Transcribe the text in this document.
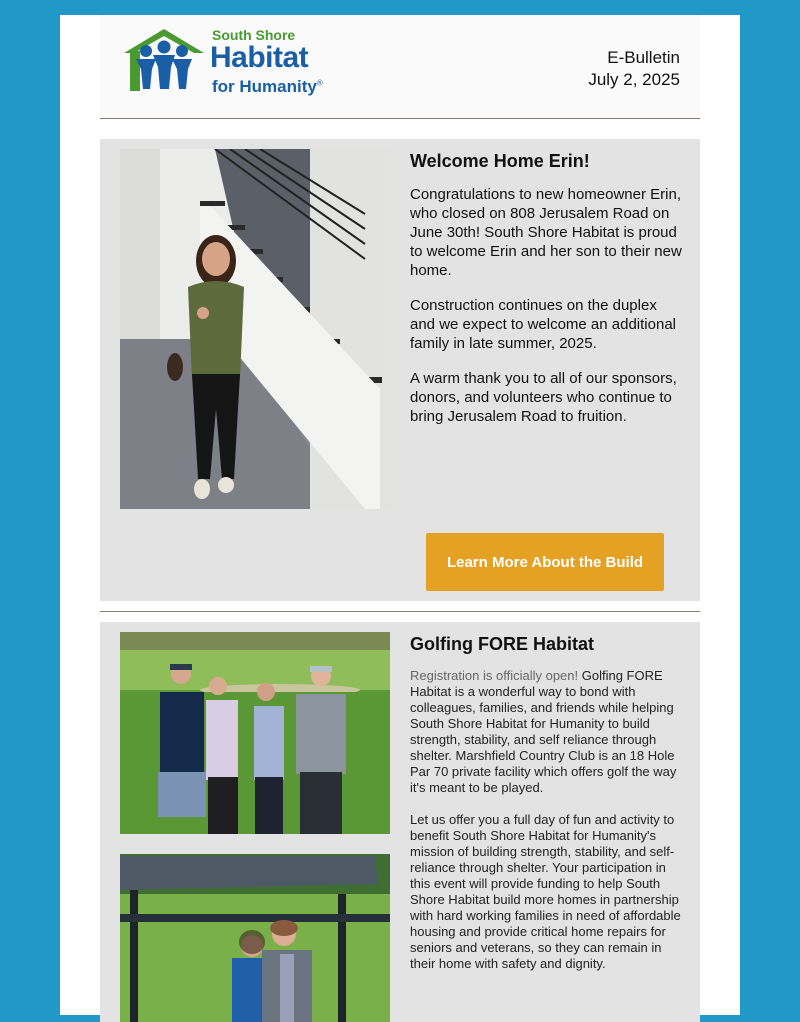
South Shore
Habitat
for Humanity®
E-Bulletin
July 2, 2025
Welcome Home Erin!

Congratulations to new homeowner Erin, who closed on 808 Jerusalem Road on June 30th! South Shore Habitat is proud to welcome Erin and her son to their new home.

Construction continues on the duplex and we expect to welcome an additional family in late summer, 2025.

A warm thank you to all of our sponsors, donors, and volunteers who continue to bring Jerusalem Road to fruition.

Learn More About the Build
Golfing FORE Habitat

Registration is officially open! Golfing FORE Habitat is a wonderful way to bond with colleagues, families, and friends while helping South Shore Habitat for Humanity to build strength, stability, and self reliance through shelter. Marshfield Country Club is an 18 Hole Par 70 private facility which offers golf the way it's meant to be played.

Let us offer you a full day of fun and activity to benefit South Shore Habitat for Humanity's mission of building strength, stability, and self-reliance through shelter. Your participation in this event will provide funding to help South Shore Habitat build more homes in partnership with hard working families in need of affordable housing and provide critical home repairs for seniors and veterans, so they can remain in their home with safety and dignity.
